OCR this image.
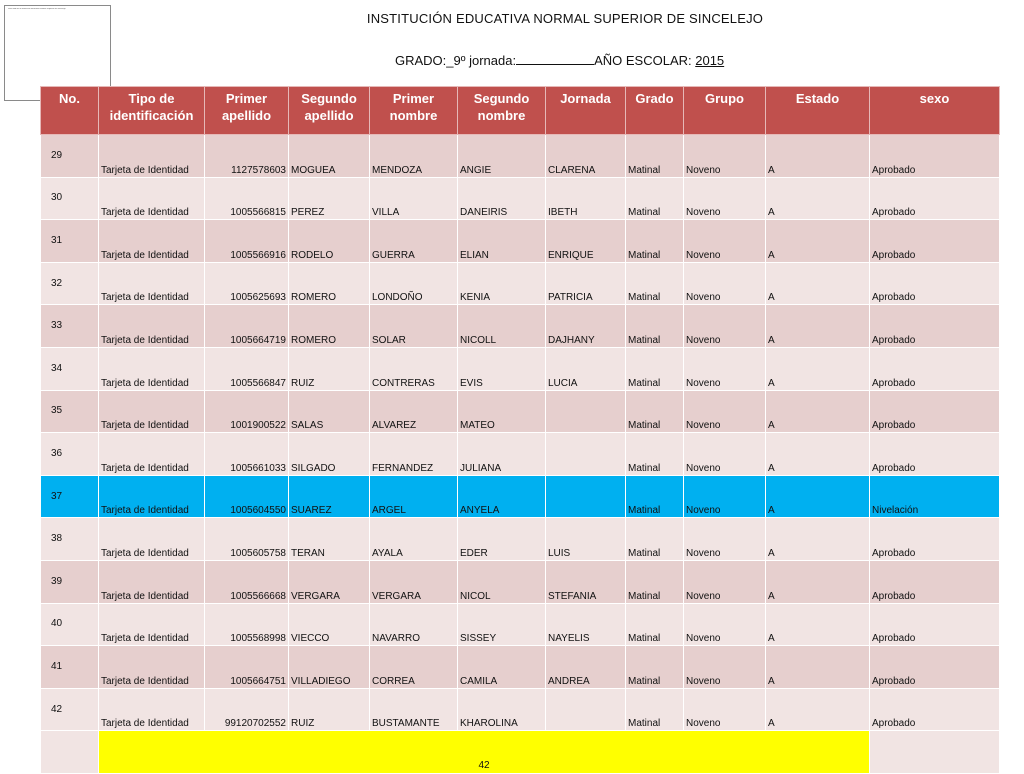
Sitio web de la institución educativa normal superior de Sincelejo
INSTITUCIÓN EDUCATIVA NORMAL SUPERIOR DE SINCELEJO
GRADO:_9º jornada:	AÑO ESCOLAR: 2015
No.	Tipo de identificación	Primer apellido	Segundo apellido	Primer nombre	Segundo nombre	Jornada	Grado	Grupo	Estado	sexo
29	Tarjeta de Identidad	1127578603	MOGUEA	MENDOZA	ANGIE	CLARENA	Matinal	Noveno	A	Aprobado
30	Tarjeta de Identidad	1005566815	PEREZ	VILLA	DANEIRIS	IBETH	Matinal	Noveno	A	Aprobado
31	Tarjeta de Identidad	1005566916	RODELO	GUERRA	ELIAN	ENRIQUE	Matinal	Noveno	A	Aprobado
32	Tarjeta de Identidad	1005625693	ROMERO	LONDOÑO	KENIA	PATRICIA	Matinal	Noveno	A	Aprobado
33	Tarjeta de Identidad	1005664719	ROMERO	SOLAR	NICOLL	DAJHANY	Matinal	Noveno	A	Aprobado
34	Tarjeta de Identidad	1005566847	RUIZ	CONTRERAS	EVIS	LUCIA	Matinal	Noveno	A	Aprobado
35	Tarjeta de Identidad	1001900522	SALAS	ALVAREZ	MATEO		Matinal	Noveno	A	Aprobado
36	Tarjeta de Identidad	1005661033	SILGADO	FERNANDEZ	JULIANA		Matinal	Noveno	A	Aprobado
37	Tarjeta de Identidad	1005604550	SUAREZ	ARGEL	ANYELA		Matinal	Noveno	A	Nivelación
38	Tarjeta de Identidad	1005605758	TERAN	AYALA	EDER	LUIS	Matinal	Noveno	A	Aprobado
39	Tarjeta de Identidad	1005566668	VERGARA	VERGARA	NICOL	STEFANIA	Matinal	Noveno	A	Aprobado
40	Tarjeta de Identidad	1005568998	VIECCO	NAVARRO	SISSEY	NAYELIS	Matinal	Noveno	A	Aprobado
41	Tarjeta de Identidad	1005664751	VILLADIEGO	CORREA	CAMILA	ANDREA	Matinal	Noveno	A	Aprobado
42	Tarjeta de Identidad	99120702552	RUIZ	BUSTAMANTE	KHAROLINA		Matinal	Noveno	A	Aprobado
	42									
